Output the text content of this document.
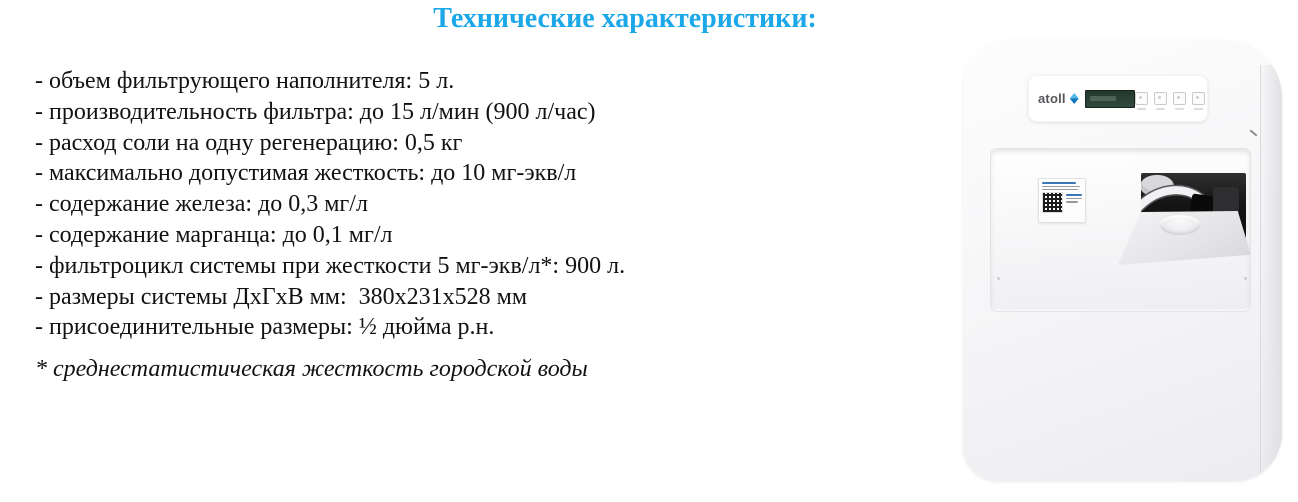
Технические характеристики:
- объем фильтрующего наполнителя: 5 л.
- производительность фильтра: до 15 л/мин (900 л/час)
- расход соли на одну регенерацию: 0,5 кг
- максимально допустимая жесткость: до 10 мг-экв/л
- содержание железа: до 0,3 мг/л
- содержание марганца: до 0,1 мг/л
- фильтроцикл системы при жесткости 5 мг-экв/л*: 900 л.
- размеры системы ДхГхВ мм:  380х231х528 мм
- присоединительные размеры: ½ дюйма р.н.

* среднестатистическая жесткость городской воды

atoll
